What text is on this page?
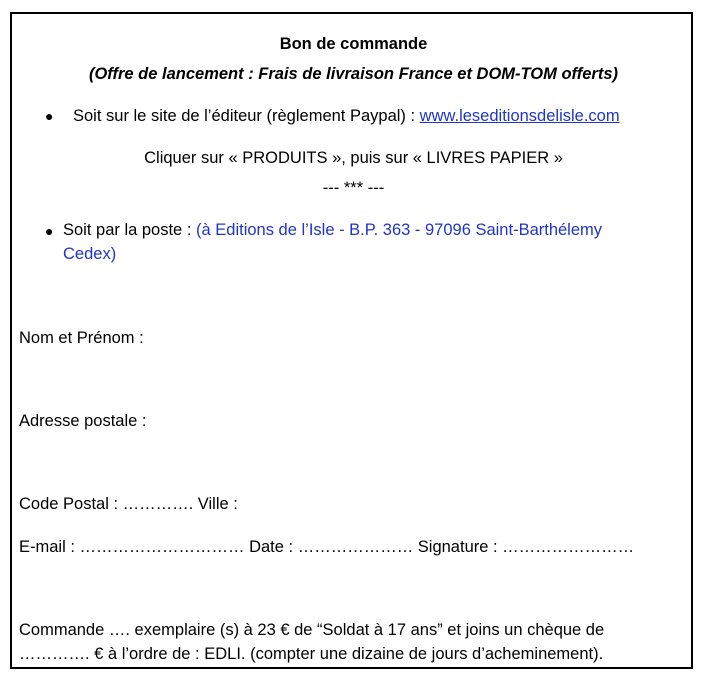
Bon de commande
(Offre de lancement : Frais de livraison France et DOM-TOM offerts)
● Soit sur le site de l’éditeur (règlement Paypal) : www.leseditionsdelisle.com
Cliquer sur « PRODUITS », puis sur « LIVRES PAPIER »
--- *** ---
● Soit par la poste : (à Editions de l’Isle - B.P. 363 - 97096 Saint-Barthélemy
Cedex)
Nom et Prénom :
Adresse postale :
Code Postal : …………. Ville :
E-mail : ………………………… Date : ………………… Signature : ……………………
Commande …. exemplaire (s) à 23 € de “Soldat à 17 ans” et joins un chèque de
…………. € à l’ordre de : EDLI. (compter une dizaine de jours d’acheminement).
